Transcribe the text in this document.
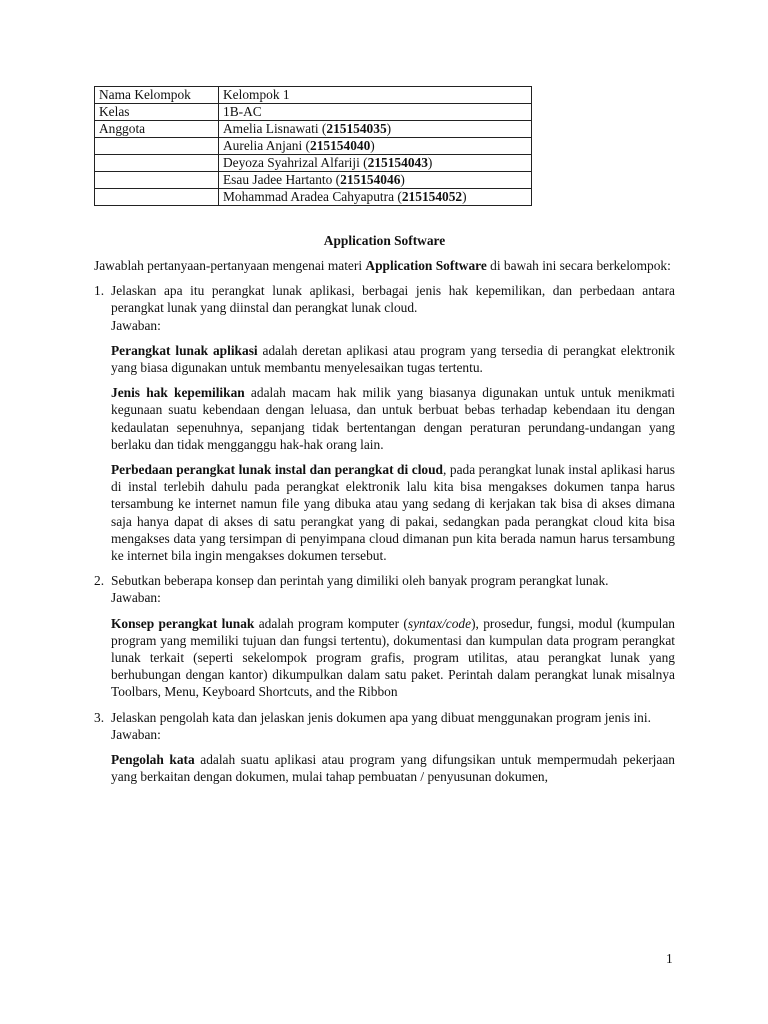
Nama Kelompok	Kelompok 1
Kelas	1B-AC
Anggota	Amelia Lisnawati (215154035)
	Aurelia Anjani (215154040)
	Deyoza Syahrizal Alfariji (215154043)
	Esau Jadee Hartanto (215154046)
	Mohammad Aradea Cahyaputra (215154052)
Application Software

Jawablah pertanyaan-pertanyaan mengenai materi Application Software di bawah ini secara berkelompok:

1. Jelaskan apa itu perangkat lunak aplikasi, berbagai jenis hak kepemilikan, dan perbedaan antara perangkat lunak yang diinstal dan perangkat lunak cloud.
Jawaban:

Perangkat lunak aplikasi adalah deretan aplikasi atau program yang tersedia di perangkat elektronik yang biasa digunakan untuk membantu menyelesaikan tugas tertentu.

Jenis hak kepemilikan adalah macam hak milik yang biasanya digunakan untuk untuk menikmati kegunaan suatu kebendaan dengan leluasa, dan untuk berbuat bebas terhadap kebendaan itu dengan kedaulatan sepenuhnya, sepanjang tidak bertentangan dengan peraturan perundang-undangan yang berlaku dan tidak mengganggu hak-hak orang lain.

Perbedaan perangkat lunak instal dan perangkat di cloud, pada perangkat lunak instal aplikasi harus di instal terlebih dahulu pada perangkat elektronik lalu kita bisa mengakses dokumen tanpa harus tersambung ke internet namun file yang dibuka atau yang sedang di kerjakan tak bisa di akses dimana saja hanya dapat di akses di satu perangkat yang di pakai, sedangkan pada perangkat cloud kita bisa mengakses data yang tersimpan di penyimpana cloud dimanan pun kita berada namun harus tersambung ke internet bila ingin mengakses dokumen tersebut.

2. Sebutkan beberapa konsep dan perintah yang dimiliki oleh banyak program perangkat lunak.
Jawaban:

Konsep perangkat lunak adalah program komputer (syntax/code), prosedur, fungsi, modul (kumpulan program yang memiliki tujuan dan fungsi tertentu), dokumentasi dan kumpulan data program perangkat lunak terkait (seperti sekelompok program grafis, program utilitas, atau perangkat lunak yang berhubungan dengan kantor) dikumpulkan dalam satu paket. Perintah dalam perangkat lunak misalnya Toolbars, Menu, Keyboard Shortcuts, and the Ribbon

3. Jelaskan pengolah kata dan jelaskan jenis dokumen apa yang dibuat menggunakan program jenis ini.
Jawaban:

Pengolah kata adalah suatu aplikasi atau program yang difungsikan untuk mempermudah pekerjaan yang berkaitan dengan dokumen, mulai tahap pembuatan / penyusunan dokumen,

1
